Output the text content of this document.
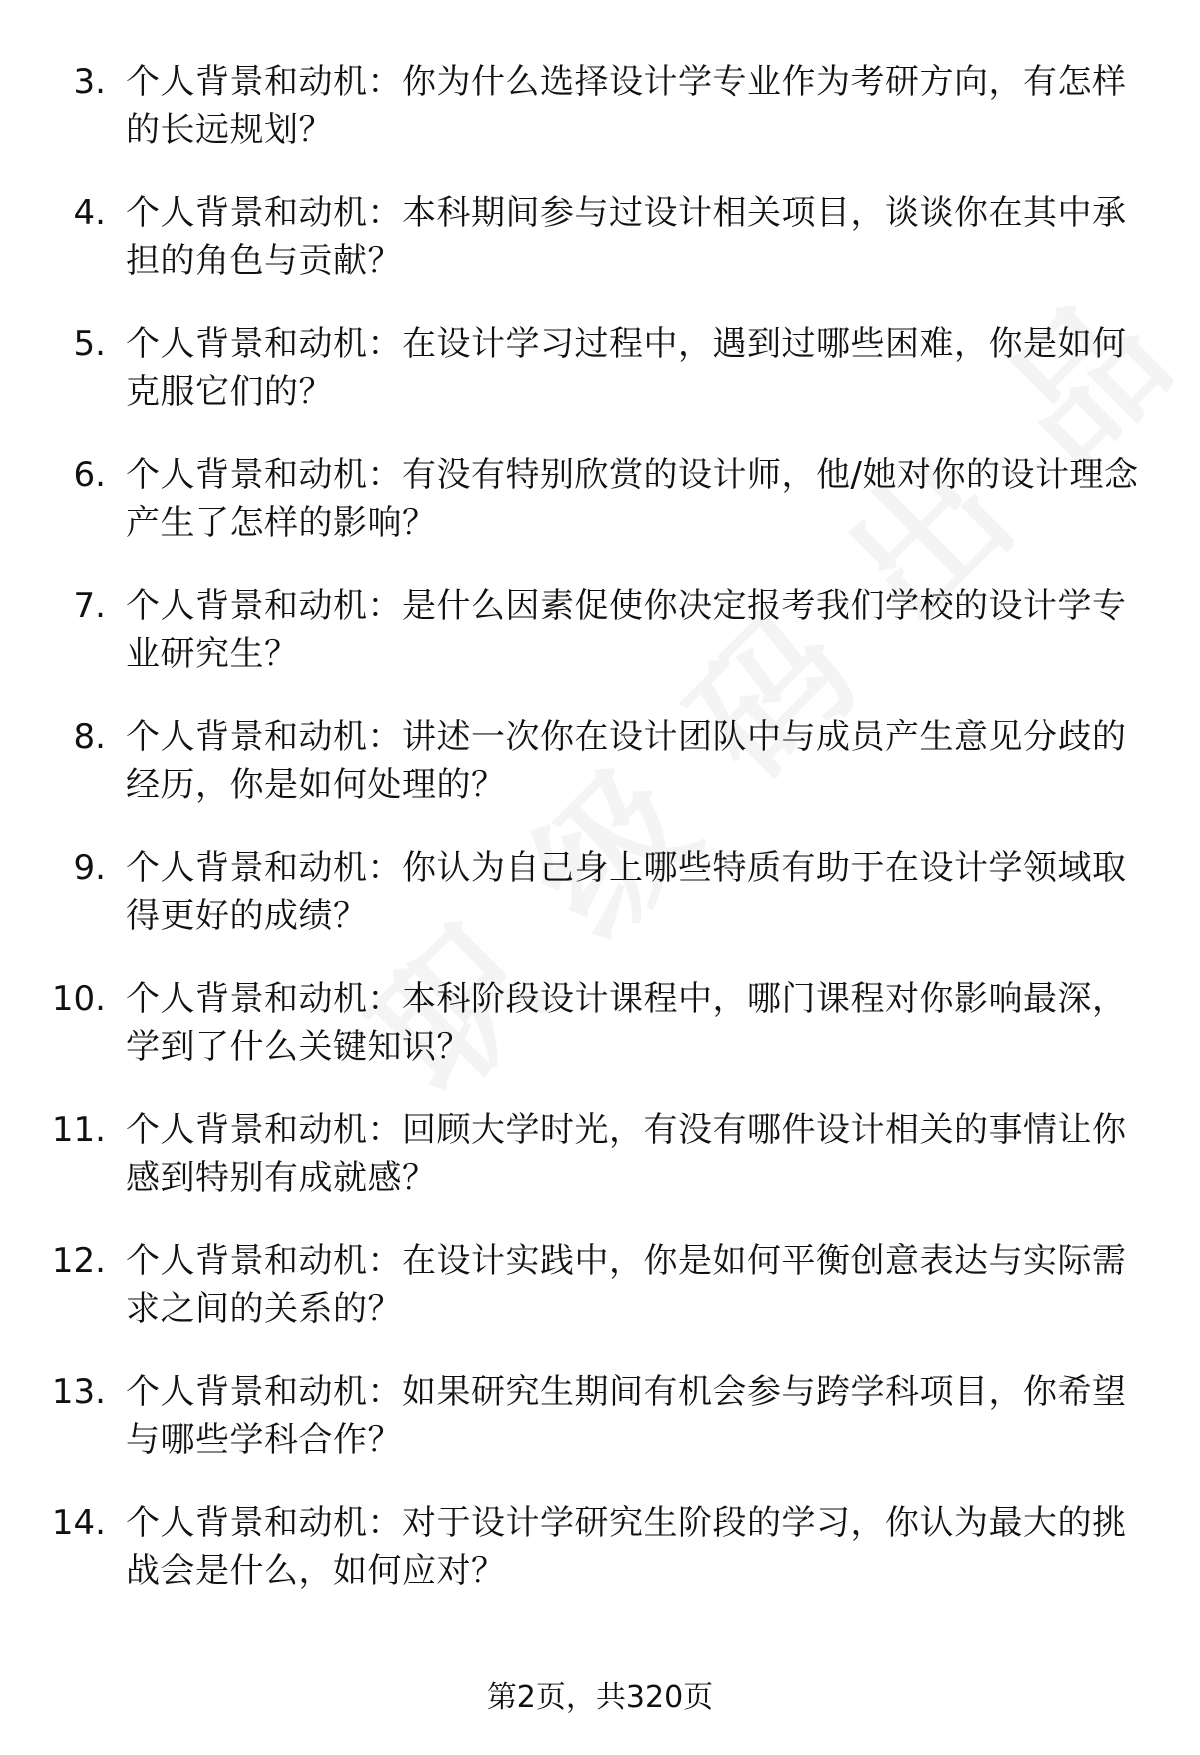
3. 个人背景和动机：你为什么选择设计学专业作为考研方向，有怎样的长远规划？
4. 个人背景和动机：本科期间参与过设计相关项目，谈谈你在其中承担的角色与贡献？
5. 个人背景和动机：在设计学习过程中，遇到过哪些困难，你是如何克服它们的？
6. 个人背景和动机：有没有特别欣赏的设计师，他/她对你的设计理念产生了怎样的影响？
7. 个人背景和动机：是什么因素促使你决定报考我们学校的设计学专业研究生？
8. 个人背景和动机：讲述一次你在设计团队中与成员产生意见分歧的经历，你是如何处理的？
9. 个人背景和动机：你认为自己身上哪些特质有助于在设计学领域取得更好的成绩？
10. 个人背景和动机：本科阶段设计课程中，哪门课程对你影响最深，学到了什么关键知识？
11. 个人背景和动机：回顾大学时光，有没有哪件设计相关的事情让你感到特别有成就感？
12. 个人背景和动机：在设计实践中，你是如何平衡创意表达与实际需求之间的关系的？
13. 个人背景和动机：如果研究生期间有机会参与跨学科项目，你希望与哪些学科合作？
14. 个人背景和动机：对于设计学研究生阶段的学习，你认为最大的挑战会是什么，如何应对？
第2页，共320页
